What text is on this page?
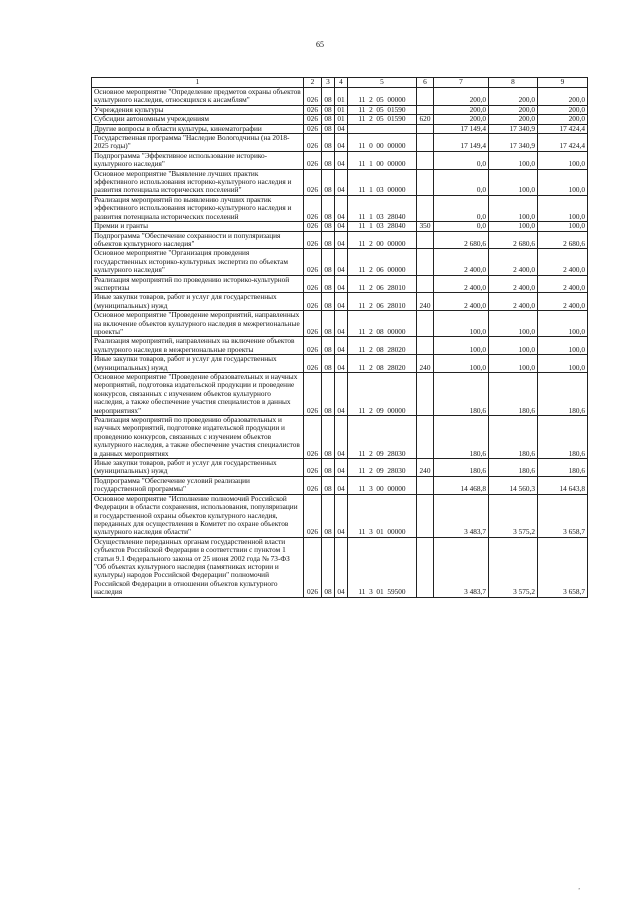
65
1	2	3	4	5	6	7	8	9
Основное мероприятие "Определение предметов охраны объектов культурного наследия, относящихся к ансамблям"	026	08	01	11  2  05  00000		200,0	200,0	200,0
Учреждения культуры	026	08	01	11  2  05  01590		200,0	200,0	200,0
Субсидии автономным учреждениям	026	08	01	11  2  05  01590	620	200,0	200,0	200,0
Другие вопросы в области культуры, кинематографии	026	08	04			17 149,4	17 340,9	17 424,4
Государственная программа "Наследие Вологодчины (на 2018-2025 годы)"	026	08	04	11  0  00  00000		17 149,4	17 340,9	17 424,4
Подпрограмма "Эффективное использование историко-культурного наследия"	026	08	04	11  1  00  00000		0,0	100,0	100,0
Основное мероприятие "Выявление лучших практик эффективного использования историко-культурного наследия и развития потенциала исторических поселений"	026	08	04	11  1  03  00000		0,0	100,0	100,0
Реализация мероприятий по выявлению лучших практик эффективного использования историко-культурного наследия и развития потенциала исторических поселений	026	08	04	11  1  03  28040		0,0	100,0	100,0
Премии и гранты	026	08	04	11  1  03  28040	350	0,0	100,0	100,0
Подпрограмма "Обеспечение сохранности и популяризация объектов культурного наследия"	026	08	04	11  2  00  00000		2 680,6	2 680,6	2 680,6
Основное мероприятие "Организация проведения государственных историко-культурных экспертиз по объектам культурного наследия"	026	08	04	11  2  06  00000		2 400,0	2 400,0	2 400,0
Реализация мероприятий по проведению историко-культурной экспертизы	026	08	04	11  2  06  28010		2 400,0	2 400,0	2 400,0
Иные закупки товаров, работ и услуг для государственных (муниципальных) нужд	026	08	04	11  2  06  28010	240	2 400,0	2 400,0	2 400,0
Основное мероприятие "Проведение мероприятий, направленных на включение объектов культурного наследия в межрегиональные проекты"	026	08	04	11  2  08  00000		100,0	100,0	100,0
Реализация мероприятий, направленных на включение объектов культурного наследия в межрегиональные проекты	026	08	04	11  2  08  28020		100,0	100,0	100,0
Иные закупки товаров, работ и услуг для государственных (муниципальных) нужд	026	08	04	11  2  08  28020	240	100,0	100,0	100,0
Основное мероприятие "Проведение образовательных и научных мероприятий, подготовка издательской продукции и проведение конкурсов, связанных с изучением объектов культурного наследия, а также обеспечение участия специалистов в данных мероприятиях"	026	08	04	11  2  09  00000		180,6	180,6	180,6
Реализация мероприятий по проведению образовательных и научных мероприятий, подготовке издательской продукции и проведению конкурсов, связанных с изучением объектов культурного наследия, а также обеспечение участия специалистов в данных мероприятиях	026	08	04	11  2  09  28030		180,6	180,6	180,6
Иные закупки товаров, работ и услуг для государственных (муниципальных) нужд	026	08	04	11  2  09  28030	240	180,6	180,6	180,6
Подпрограмма "Обеспечение условий реализации государственной программы"	026	08	04	11  3  00  00000		14 468,8	14 560,3	14 643,8
Основное мероприятие "Исполнение полномочий Российской Федерации в области сохранения, использования, популяризации и государственной охраны объектов культурного наследия, переданных для осуществления в Комитет по охране объектов культурного наследия области"	026	08	04	11  3  01  00000		3 483,7	3 575,2	3 658,7
Осуществление переданных органам государственной власти субъектов Российской Федерации в соответствии с пунктом 1 статьи 9.1 Федерального закона от 25 июня 2002 года № 73-ФЗ "Об объектах культурного наследия (памятниках истории и культуры) народов Российской Федерации" полномочий Российской Федерации в отношении объектов культурного наследия	026	08	04	11  3  01  59500		3 483,7	3 575,2	3 658,7
,
